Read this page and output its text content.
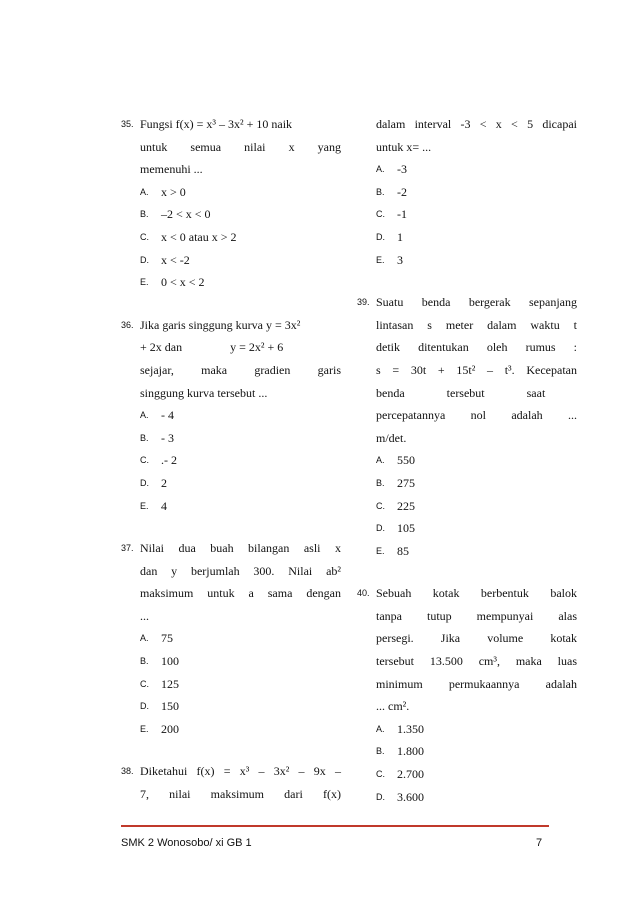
35. Fungsi f(x) = x³ – 3x² + 10 naik
untuk semua nilai x yang
memenuhi ...
A. x > 0
B. –2 < x < 0
C. x < 0 atau x > 2
D. x < -2
E. 0 < x < 2
36. Jika garis singgung kurva y = 3x²
+ 2x dan                y = 2x² + 6
sejajar, maka gradien garis
singgung kurva tersebut ...
A. - 4
B. - 3
C. .- 2
D. 2
E. 4
37. Nilai dua buah bilangan asli x
dan y berjumlah 300. Nilai ab²
maksimum untuk a sama dengan
...
A. 75
B. 100
C. 125
D. 150
E. 200
38. Diketahui f(x) = x³ – 3x² – 9x –
7, nilai maksimum dari f(x)
dalam interval -3 < x < 5 dicapai
untuk x= ...
A. -3
B. -2
C. -1
D. 1
E. 3
39. Suatu benda bergerak sepanjang
lintasan s meter dalam waktu t
detik ditentukan oleh rumus :
s = 30t + 15t² – t³. Kecepatan
benda              tersebut              saat
percepatannya nol adalah ...
m/det.
A. 550
B. 275
C. 225
D. 105
E. 85
40. Sebuah kotak berbentuk balok
tanpa tutup mempunyai alas
persegi. Jika volume kotak
tersebut 13.500 cm³, maka luas
minimum permukaannya adalah
... cm².
A. 1.350
B. 1.800
C. 2.700
D. 3.600
SMK 2 Wonosobo/ xi GB 1	7
